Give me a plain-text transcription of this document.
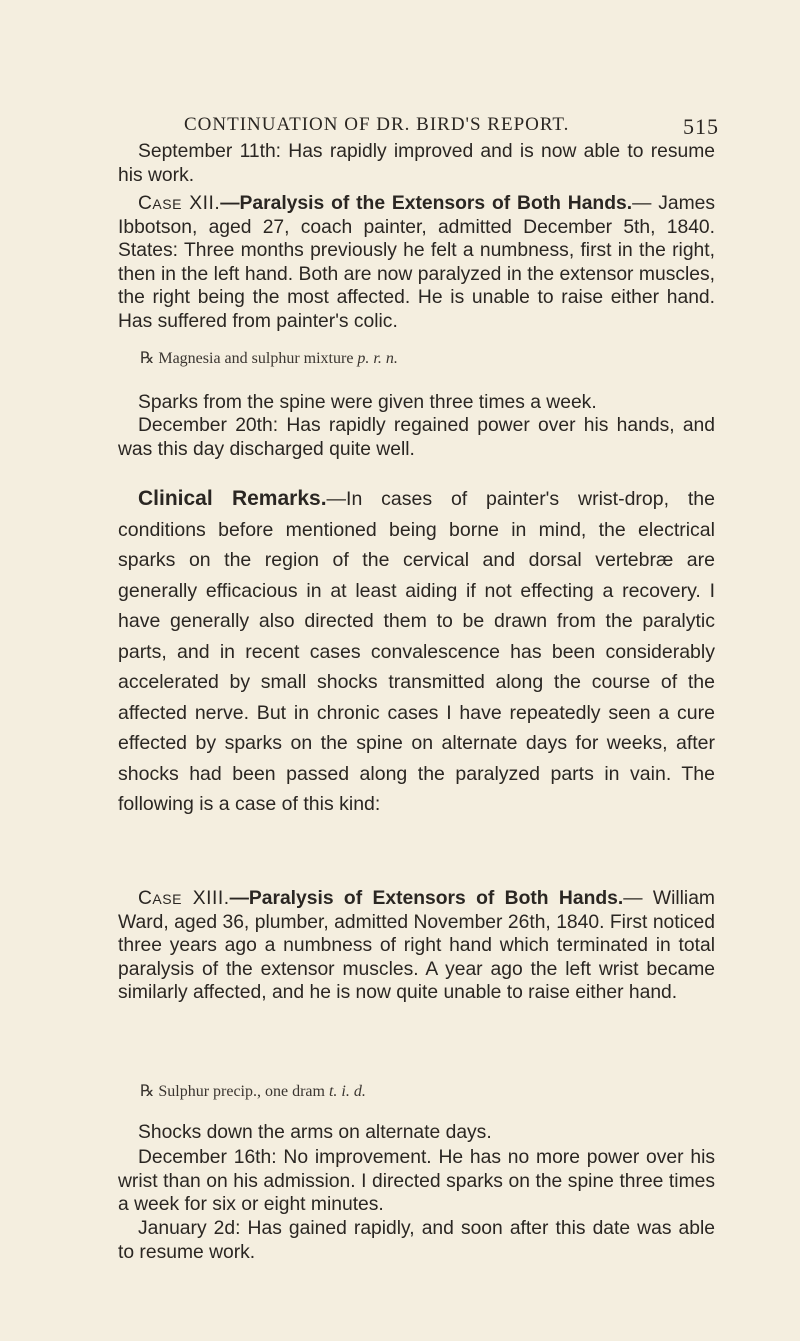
CONTINUATION OF DR. BIRD'S REPORT.	515

September 11th: Has rapidly improved and is now able to resume his work.

Case XII.—Paralysis of the Extensors of Both Hands.— James Ibbotson, aged 27, coach painter, admitted December 5th, 1840. States: Three months previously he felt a numbness, first in the right, then in the left hand. Both are now paralyzed in the extensor muscles, the right being the most affected. He is unable to raise either hand. Has suffered from painter's colic.

℞ Magnesia and sulphur mixture p. r. n.

Sparks from the spine were given three times a week.

December 20th: Has rapidly regained power over his hands, and was this day discharged quite well.

Clinical Remarks.—In cases of painter's wrist-drop, the conditions before mentioned being borne in mind, the electrical sparks on the region of the cervical and dorsal vertebræ are generally efficacious in at least aiding if not effecting a recovery. I have generally also directed them to be drawn from the paralytic parts, and in recent cases convalescence has been considerably accelerated by small shocks transmitted along the course of the affected nerve. But in chronic cases I have repeatedly seen a cure effected by sparks on the spine on alternate days for weeks, after shocks had been passed along the paralyzed parts in vain. The following is a case of this kind:

Case XIII.—Paralysis of Extensors of Both Hands.— William Ward, aged 36, plumber, admitted November 26th, 1840. First noticed three years ago a numbness of right hand which terminated in total paralysis of the extensor muscles. A year ago the left wrist became similarly affected, and he is now quite unable to raise either hand.

℞ Sulphur precip., one dram t. i. d.

Shocks down the arms on alternate days.

December 16th: No improvement. He has no more power over his wrist than on his admission. I directed sparks on the spine three times a week for six or eight minutes.

January 2d: Has gained rapidly, and soon after this date was able to resume work.
